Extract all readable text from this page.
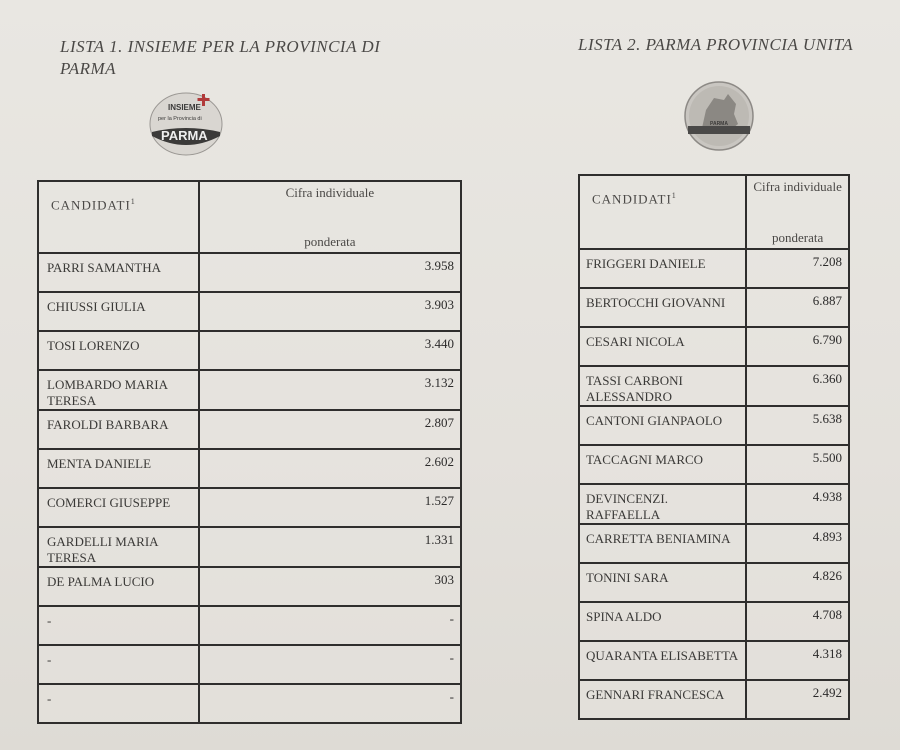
LISTA 1. INSIEME PER LA PROVINCIA DI PARMA
LISTA 2. PARMA PROVINCIA UNITA
INSIEME
per la Provincia di
PARMA
PARMA
CANDIDATI$^1$	Cifra individuale
ponderata

PARRI SAMANTHA	3.958
CHIUSSI GIULIA	3.903
TOSI LORENZO	3.440
LOMBARDO MARIA TERESA	3.132
FAROLDI BARBARA	2.807
MENTA DANIELE	2.602
COMERCI GIUSEPPE	1.527
GARDELLI MARIA TERESA	1.331
DE PALMA LUCIO	303
-	-
-	-
-	-
CANDIDATI$^1$	Cifra individuale
ponderata

FRIGGERI DANIELE	7.208
BERTOCCHI GIOVANNI	6.887
CESARI NICOLA	6.790
TASSI CARBONI ALESSANDRO	6.360
CANTONI GIANPAOLO	5.638
TACCAGNI MARCO	5.500
DEVINCENZI. RAFFAELLA	4.938
CARRETTA BENIAMINA	4.893
TONINI SARA	4.826
SPINA ALDO	4.708
QUARANTA ELISABETTA	4.318
GENNARI FRANCESCA	2.492
